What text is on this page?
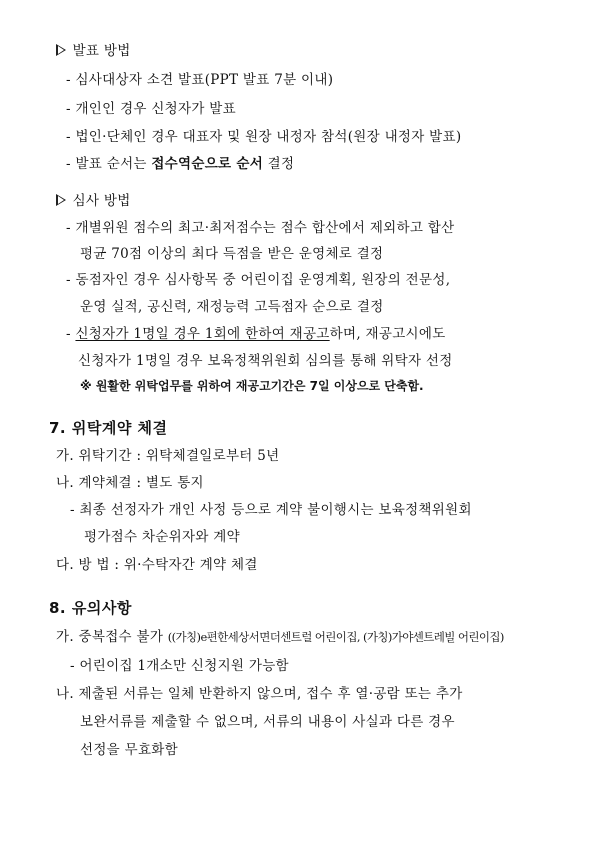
발표 방법
- 심사대상자 소견 발표(PPT 발표 7분 이내)
- 개인인 경우 신청자가 발표
- 법인·단체인 경우 대표자 및 원장 내정자 참석(원장 내정자 발표)
- 발표 순서는 접수역순으로 순서 결정
심사 방법
- 개별위원 점수의 최고·최저점수는 점수 합산에서 제외하고 합산
평균 70점 이상의 최다 득점을 받은 운영체로 결정
- 동점자인 경우 심사항목 중 어린이집 운영계획, 원장의 전문성,
운영 실적, 공신력, 재정능력 고득점자 순으로 결정
- 신청자가 1명일 경우 1회에 한하여 재공고하며, 재공고시에도
신청자가 1명일 경우 보육정책위원회 심의를 통해 위탁자 선정
※ 원활한 위탁업무를 위하여 재공고기간은 7일 이상으로 단축함.
7. 위탁계약 체결
가. 위탁기간 : 위탁체결일로부터 5년
나. 계약체결 : 별도 통지
- 최종 선정자가 개인 사정 등으로 계약 불이행시는 보육정책위원회
평가점수 차순위자와 계약
다. 방 법 : 위·수탁자간 계약 체결
8. 유의사항
가. 중복접수 불가 ((가칭)e편한세상서면더센트럴 어린이집, (가칭)가야센트레빌 어린이집)
- 어린이집 1개소만 신청지원 가능함
나. 제출된 서류는 일체 반환하지 않으며, 접수 후 열·공람 또는 추가
보완서류를 제출할 수 없으며, 서류의 내용이 사실과 다른 경우
선정을 무효화함
